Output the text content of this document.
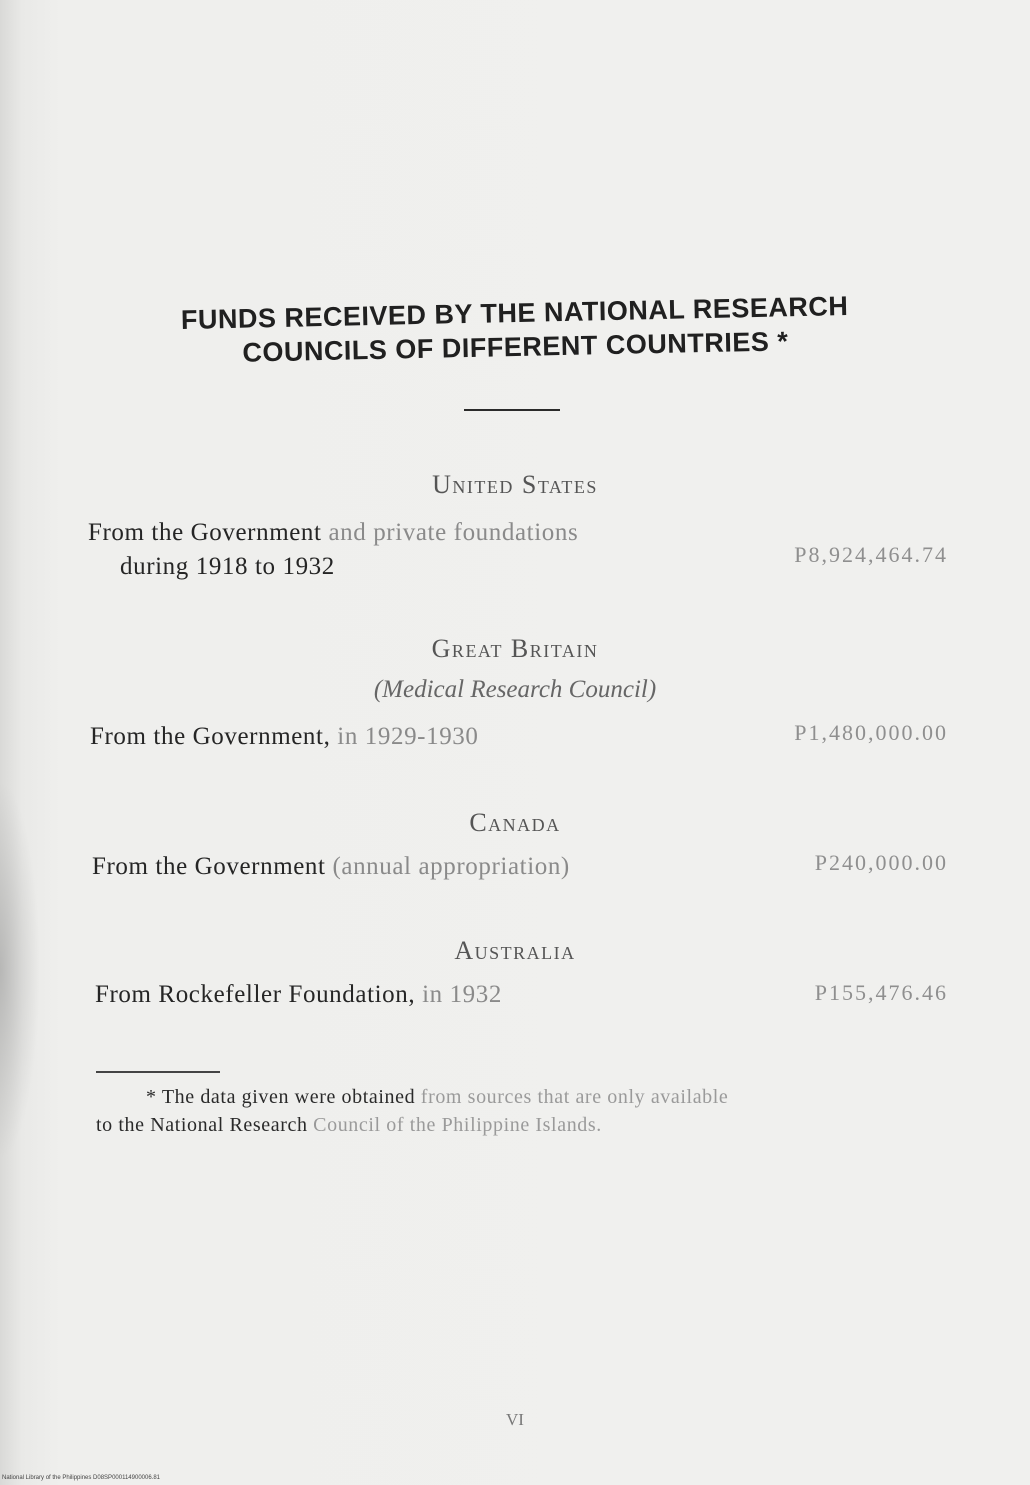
FUNDS RECEIVED BY THE NATIONAL RESEARCH
COUNCILS OF DIFFERENT COUNTRIES *
United States
From the Government and private foundations
during 1918 to 1932	P8,924,464.74
Great Britain
(Medical Research Council)
From the Government, in 1929-1930	P1,480,000.00
Canada
From the Government (annual appropriation)	P240,000.00
Australia
From Rockefeller Foundation, in 1932	P155,476.46
* The data given were obtained from sources that are only available
to the National Research Council of the Philippine Islands.
VI
National Library of the Philippines D08SP000114900006.81
